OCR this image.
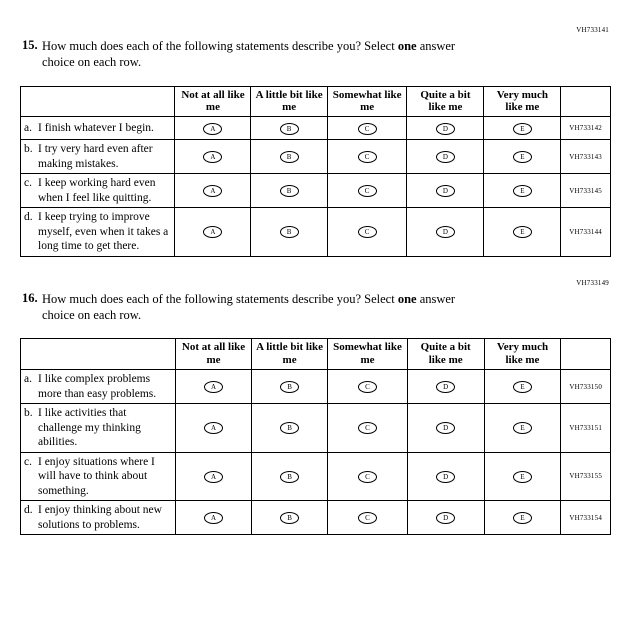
VH733141
15. How much does each of the following statements describe you? Select one answer
choice on each row.
	Not at all like me	A little bit like me	Somewhat like me	Quite a bit like me	Very much like me	

a. I finish whatever I begin.	A	B	C	D	E	VH733142

b. I try very hard even after making mistakes.	A	B	C	D	E	VH733143

c. I keep working hard even when I feel like quitting.	A	B	C	D	E	VH733145

d. I keep trying to improve myself, even when it takes a long time to get there.	A	B	C	D	E	VH733144
VH733149
16. How much does each of the following statements describe you? Select one answer
choice on each row.
	Not at all like me	A little bit like me	Somewhat like me	Quite a bit like me	Very much like me	

a. I like complex problems more than easy problems.	A	B	C	D	E	VH733150

b. I like activities that challenge my thinking abilities.	A	B	C	D	E	VH733151

c. I enjoy situations where I will have to think about something.	A	B	C	D	E	VH733155

d. I enjoy thinking about new solutions to problems.	A	B	C	D	E	VH733154
